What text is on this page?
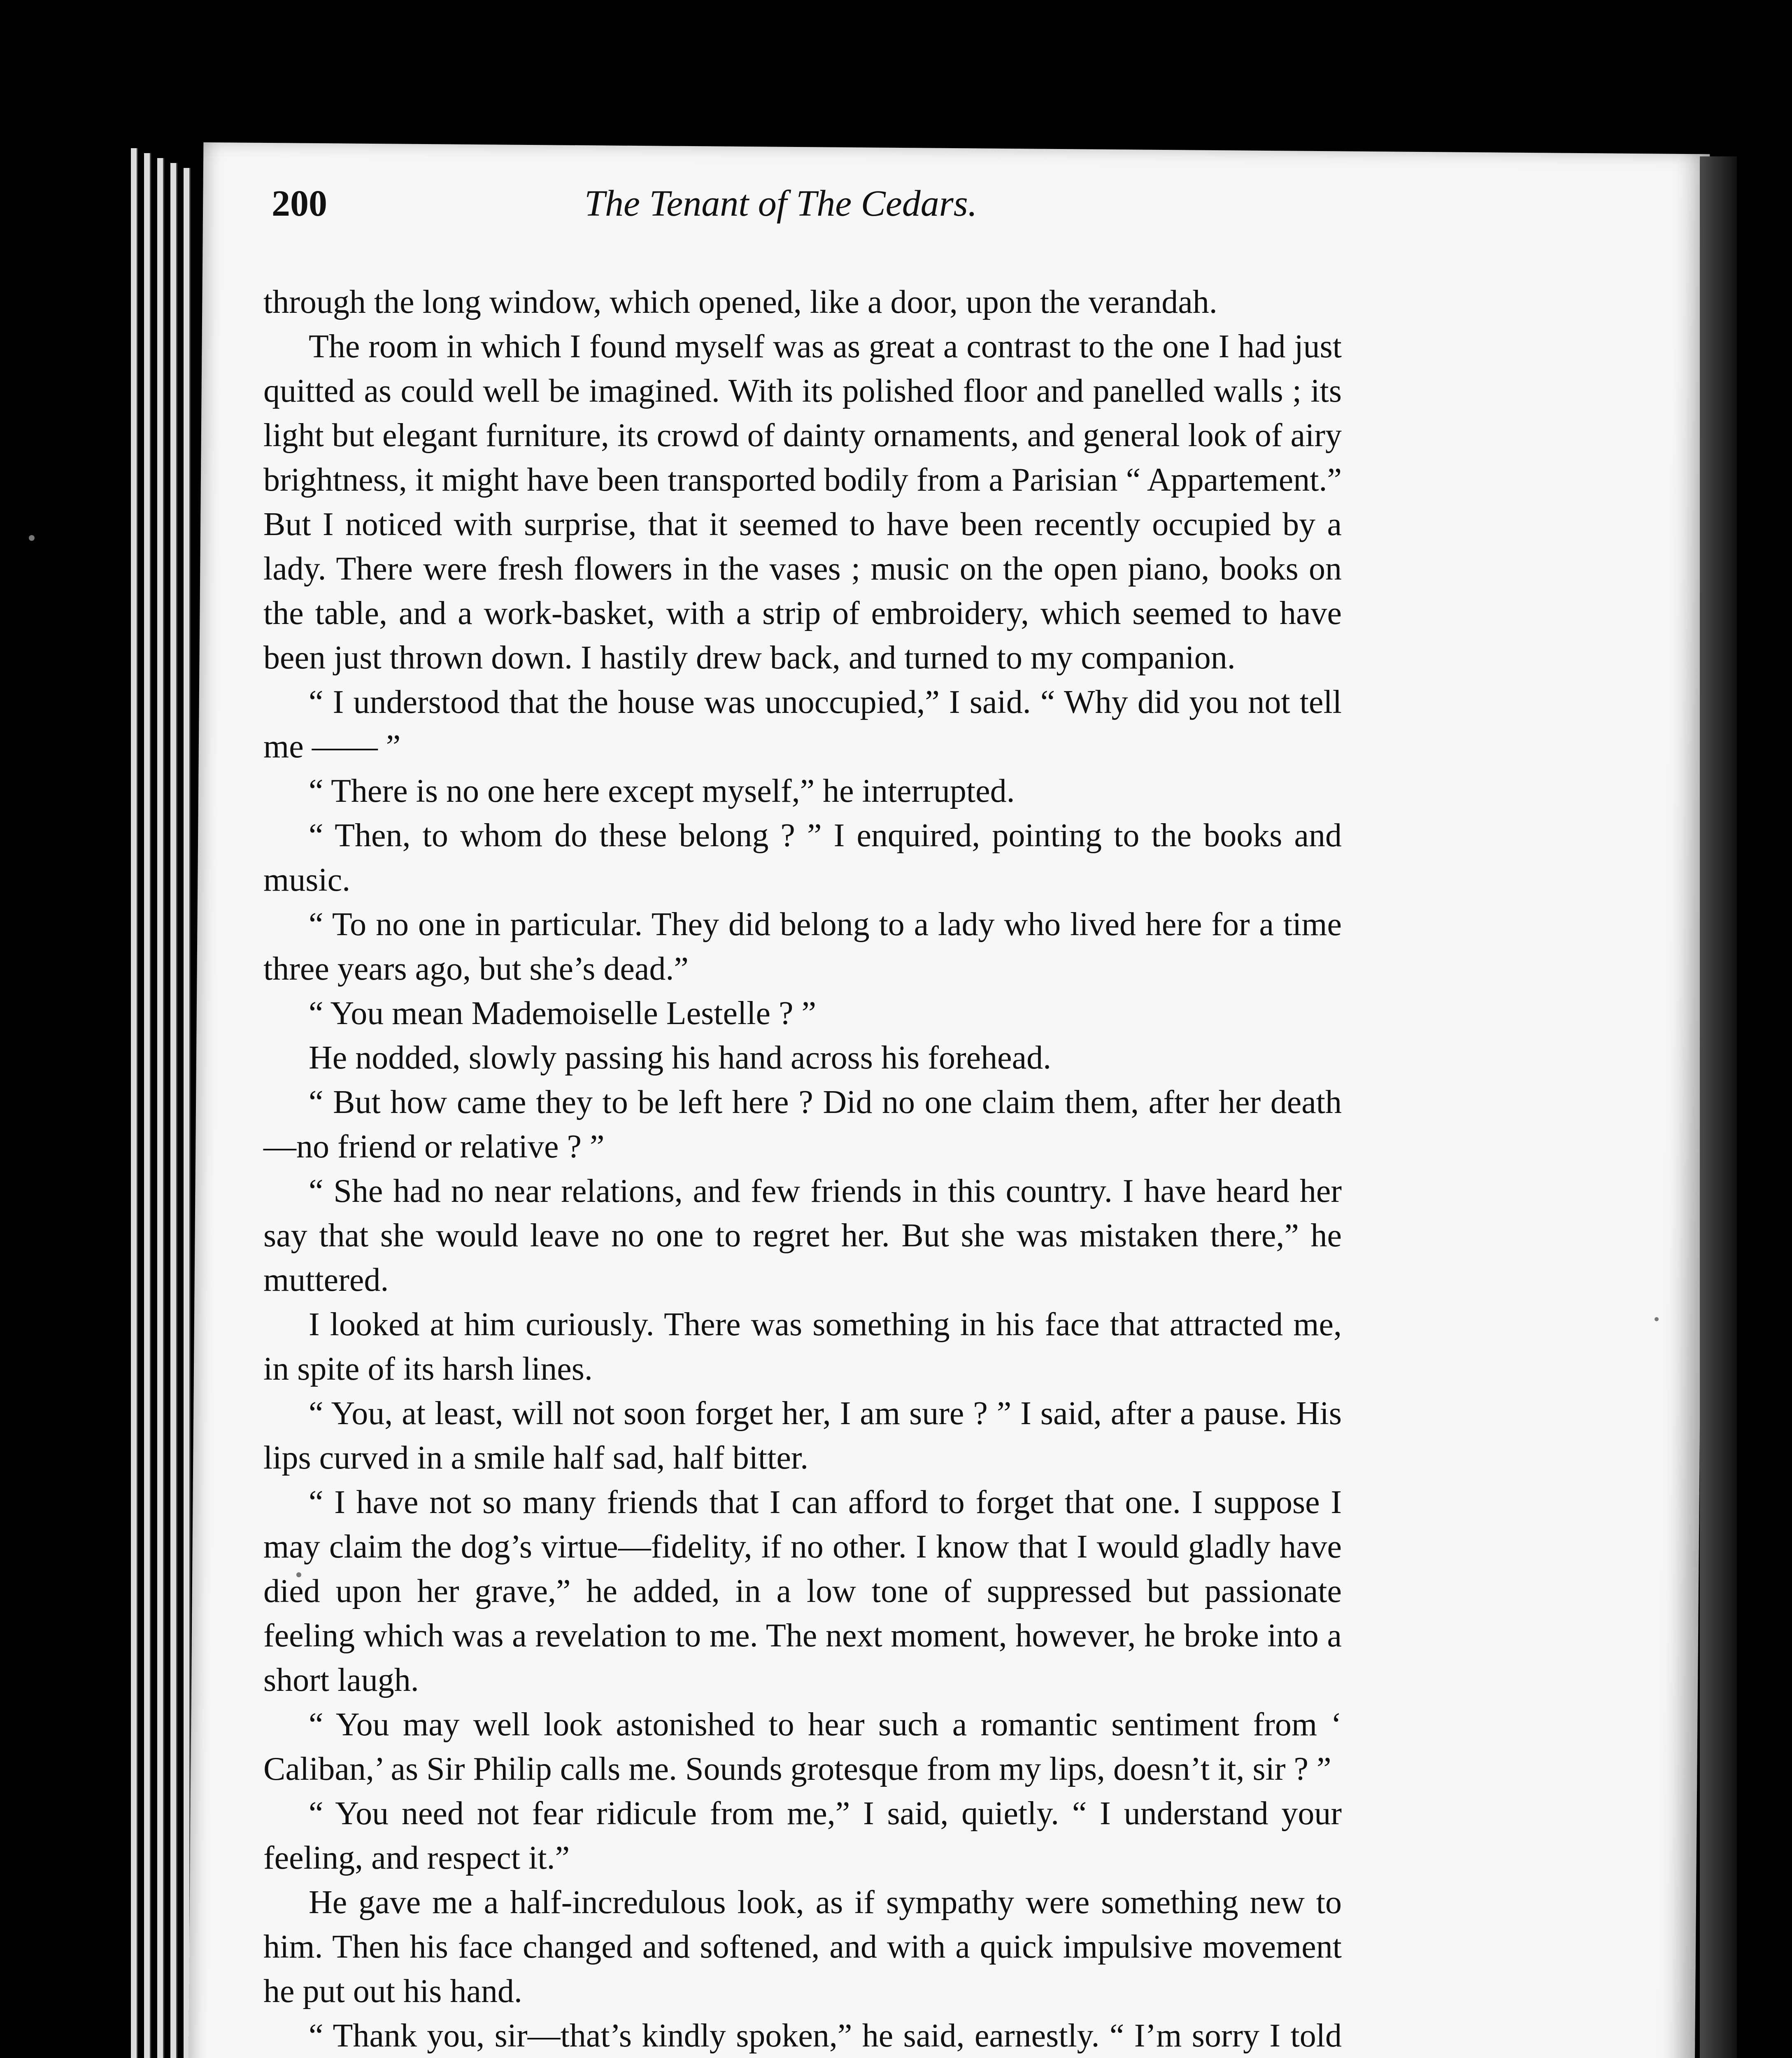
200	The Tenant of The Cedars.

through the long window, which opened, like a door, upon the verandah.

The room in which I found myself was as great a contrast to the one I had just quitted as could well be imagined. With its polished floor and panelled walls ; its light but elegant furniture, its crowd of dainty ornaments, and general look of airy brightness, it might have been transported bodily from a Parisian “ Appartement.” But I noticed with surprise, that it seemed to have been recently occupied by a lady. There were fresh flowers in the vases ; music on the open piano, books on the table, and a work-basket, with a strip of embroidery, which seemed to have been just thrown down. I hastily drew back, and turned to my companion.

“ I understood that the house was unoccupied,” I said. “ Why did you not tell me —— ”

“ There is no one here except myself,” he interrupted.

“ Then, to whom do these belong ? ” I enquired, pointing to the books and music.

“ To no one in particular. They did belong to a lady who lived here for a time three years ago, but she’s dead.”

“ You mean Mademoiselle Lestelle ? ”

He nodded, slowly passing his hand across his forehead.

“ But how came they to be left here ? Did no one claim them, after her death—no friend or relative ? ”

“ She had no near relations, and few friends in this country. I have heard her say that she would leave no one to regret her. But she was mistaken there,” he muttered.

I looked at him curiously. There was something in his face that attracted me, in spite of its harsh lines.

“ You, at least, will not soon forget her, I am sure ? ” I said, after a pause. His lips curved in a smile half sad, half bitter.

“ I have not so many friends that I can afford to forget that one. I suppose I may claim the dog’s virtue—fidelity, if no other. I know that I would gladly have died upon her grave,” he added, in a low tone of suppressed but passionate feeling which was a revelation to me. The next moment, however, he broke into a short laugh.

“ You may well look astonished to hear such a romantic sentiment from ‘ Caliban,’ as Sir Philip calls me. Sounds grotesque from my lips, doesn’t it, sir ? ”

“ You need not fear ridicule from me,” I said, quietly. “ I understand your feeling, and respect it.”

He gave me a half-incredulous look, as if sympathy were something new to him. Then his face changed and softened, and with a quick impulsive movement he put out his hand.

“ Thank you, sir—that’s kindly spoken,” he said, earnestly. “ I’m sorry I told
